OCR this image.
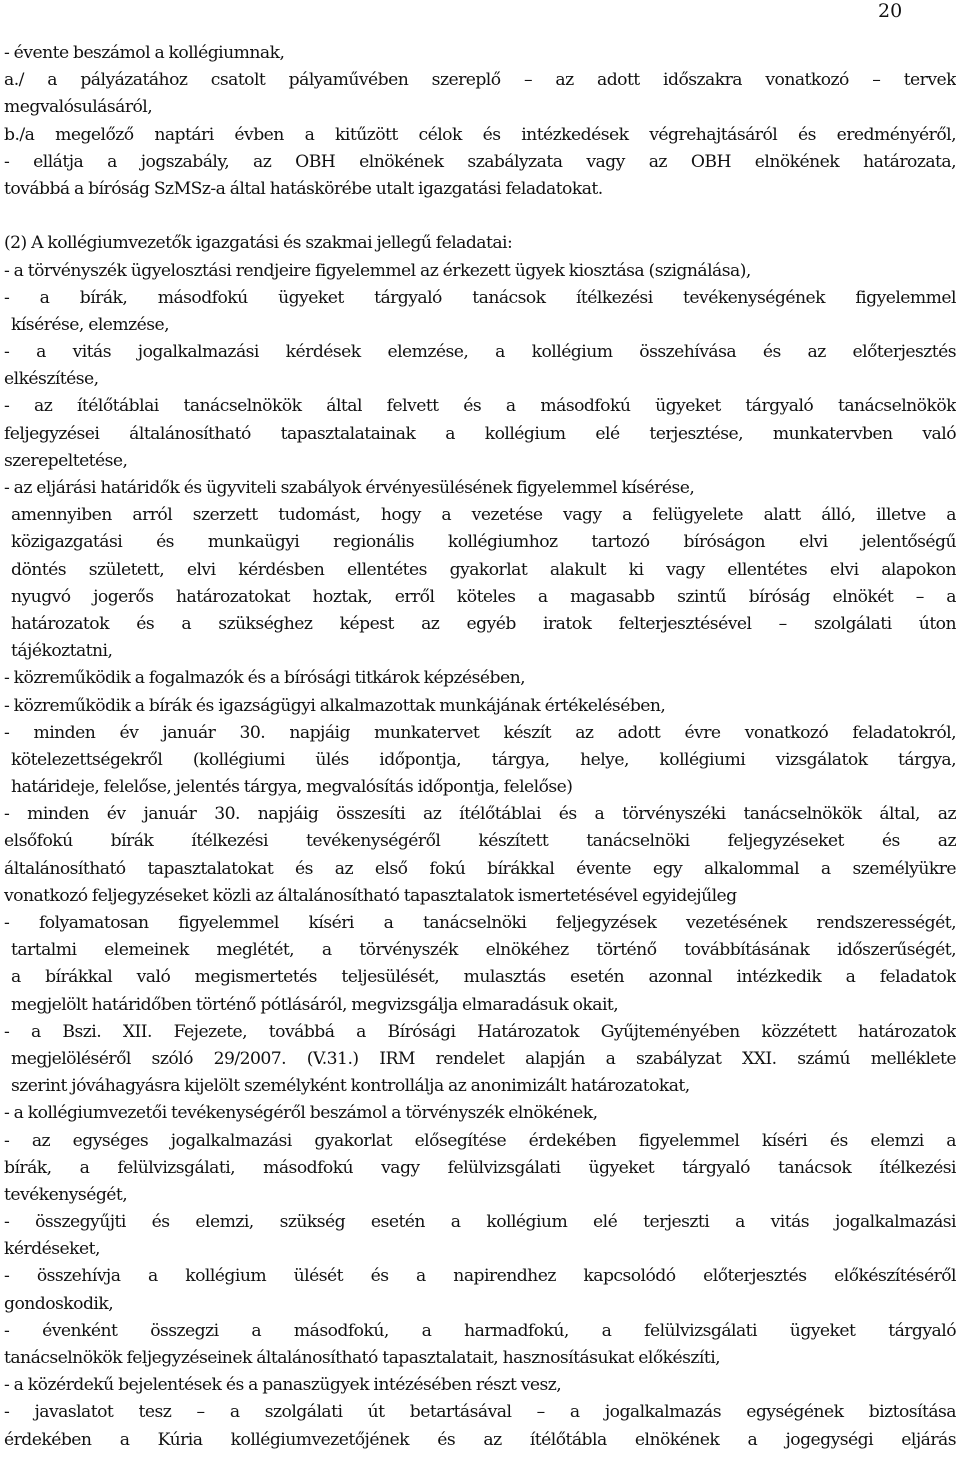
20
- évente beszámol a kollégiumnak,
a./ a pályázatához csatolt pályaművében szereplő – az adott időszakra vonatkozó – tervek
megvalósulásáról,
b./a megelőző naptári évben a kitűzött célok és intézkedések végrehajtásáról és eredményéről,
- ellátja a jogszabály, az OBH elnökének szabályzata vagy az OBH elnökének határozata,
továbbá a bíróság SzMSz-a által hatáskörébe utalt igazgatási feladatokat.
(2) A kollégiumvezetők igazgatási és szakmai jellegű feladatai:
- a törvényszék ügyelosztási rendjeire figyelemmel az érkezett ügyek kiosztása (szignálása),
- a bírák, másodfokú ügyeket tárgyaló tanácsok ítélkezési tevékenységének figyelemmel
kísérése, elemzése,
- a vitás jogalkalmazási kérdések elemzése, a kollégium összehívása és az előterjesztés
elkészítése,
- az ítélőtáblai tanácselnökök által felvett és a másodfokú ügyeket tárgyaló tanácselnökök
feljegyzései általánosítható tapasztalatainak a kollégium elé terjesztése, munkatervben való
szerepeltetése,
- az eljárási határidők és ügyviteli szabályok érvényesülésének figyelemmel kísérése,
amennyiben arról szerzett tudomást, hogy a vezetése vagy a felügyelete alatt álló, illetve a
közigazgatási és munkaügyi regionális kollégiumhoz tartozó bíróságon elvi jelentőségű
döntés született, elvi kérdésben ellentétes gyakorlat alakult ki vagy ellentétes elvi alapokon
nyugvó jogerős határozatokat hoztak, erről köteles a magasabb szintű bíróság elnökét – a
határozatok és a szükséghez képest az egyéb iratok felterjesztésével – szolgálati úton
tájékoztatni,
- közreműködik a fogalmazók és a bírósági titkárok képzésében,
- közreműködik a bírák és igazságügyi alkalmazottak munkájának értékelésében,
- minden év január 30. napjáig munkatervet készít az adott évre vonatkozó feladatokról,
kötelezettségekről (kollégiumi ülés időpontja, tárgya, helye, kollégiumi vizsgálatok tárgya,
határideje, felelőse, jelentés tárgya, megvalósítás időpontja, felelőse)
- minden év január 30. napjáig összesíti az ítélőtáblai és a törvényszéki tanácselnökök által, az
elsőfokú bírák ítélkezési tevékenységéről készített tanácselnöki feljegyzéseket és az
általánosítható tapasztalatokat és az első fokú bírákkal évente egy alkalommal a személyükre
vonatkozó feljegyzéseket közli az általánosítható tapasztalatok ismertetésével egyidejűleg
- folyamatosan figyelemmel kíséri a tanácselnöki feljegyzések vezetésének rendszerességét,
tartalmi elemeinek meglétét, a törvényszék elnökéhez történő továbbításának időszerűségét,
a bírákkal való megismertetés teljesülését, mulasztás esetén azonnal intézkedik a feladatok
megjelölt határidőben történő pótlásáról, megvizsgálja elmaradásuk okait,
- a Bszi. XII. Fejezete, továbbá a Bírósági Határozatok Gyűjteményében közzétett határozatok
megjelöléséről szóló 29/2007. (V.31.) IRM rendelet alapján a szabályzat XXI. számú melléklete
szerint jóváhagyásra kijelölt személyként kontrollálja az anonimizált határozatokat,
- a kollégiumvezetői tevékenységéről beszámol a törvényszék elnökének,
- az egységes jogalkalmazási gyakorlat elősegítése érdekében figyelemmel kíséri és elemzi a
bírák, a felülvizsgálati, másodfokú vagy felülvizsgálati ügyeket tárgyaló tanácsok ítélkezési
tevékenységét,
- összegyűjti és elemzi, szükség esetén a kollégium elé terjeszti a vitás jogalkalmazási
kérdéseket,
- összehívja a kollégium ülését és a napirendhez kapcsolódó előterjesztés előkészítéséről
gondoskodik,
- évenként összegzi a másodfokú, a harmadfokú, a felülvizsgálati ügyeket tárgyaló
tanácselnökök feljegyzéseinek általánosítható tapasztalatait, hasznosításukat előkészíti,
- a közérdekű bejelentések és a panaszügyek intézésében részt vesz,
- javaslatot tesz – a szolgálati út betartásával – a jogalkalmazás egységének biztosítása
érdekében a Kúria kollégiumvezetőjének és az ítélőtábla elnökének a jogegységi eljárás
